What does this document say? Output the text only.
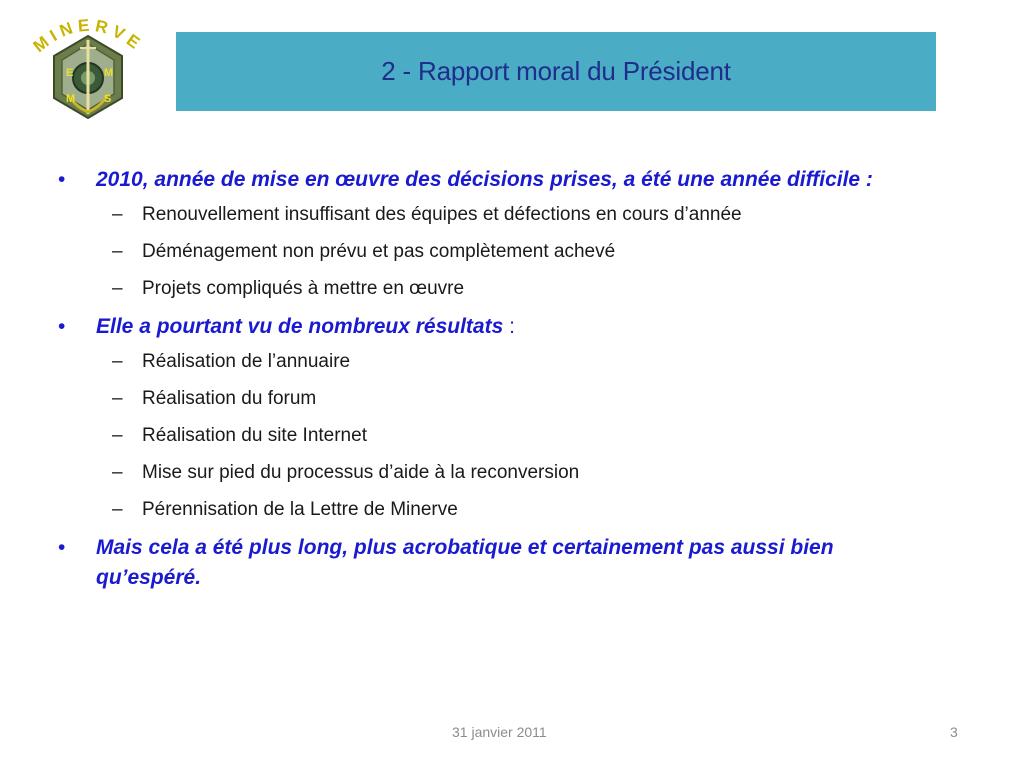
M I N E R V E
E	M
M	S
2 - Rapport moral du Président
•	2010, année de mise en œuvre des décisions prises, a été une année difficile :
– Renouvellement insuffisant des équipes et défections en cours d’année
– Déménagement non prévu et pas complètement achevé
– Projets compliqués à mettre en œuvre
•	Elle a pourtant vu de nombreux résultats :
– Réalisation de l’annuaire
– Réalisation du forum
– Réalisation du site Internet
– Mise sur pied du processus d’aide à la reconversion
– Pérennisation de la Lettre de Minerve
•	Mais cela a été plus long, plus acrobatique et certainement pas aussi bien qu’espéré.
31 janvier 2011	3
